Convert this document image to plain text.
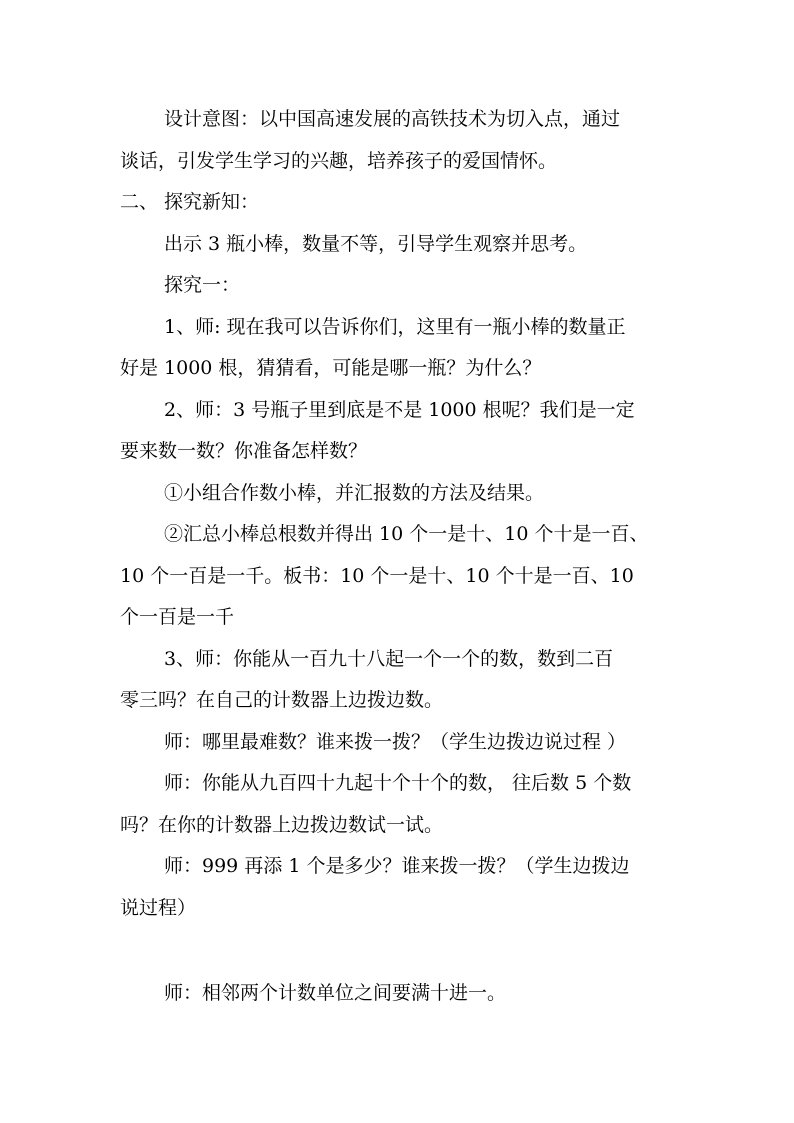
设计意图：以中国高速发展的高铁技术为切入点，通过
谈话，引发学生学习的兴趣，培养孩子的爱国情怀。
二、 探究新知：
出示 3 瓶小棒，数量不等，引导学生观察并思考。
探究一：
1、师: 现在我可以告诉你们，这里有一瓶小棒的数量正
好是 1000 根，猜猜看，可能是哪一瓶？为什么？
2、师：3 号瓶子里到底是不是 1000 根呢？我们是一定
要来数一数？你准备怎样数？
①小组合作数小棒，并汇报数的方法及结果。
②汇总小棒总根数并得出 10 个一是十、10 个十是一百、
10 个一百是一千。板书：10 个一是十、10 个十是一百、10
个一百是一千
3、师：你能从一百九十八起一个一个的数，数到二百
零三吗？在自己的计数器上边拨边数。
师：哪里最难数？谁来拨一拨？（学生边拨边说过程 ）
师：你能从九百四十九起十个十个的数， 往后数 5 个数
吗？在你的计数器上边拨边数试一试。
师：999 再添 1 个是多少？谁来拨一拨？（学生边拨边
说过程）
师：相邻两个计数单位之间要满十进一。
